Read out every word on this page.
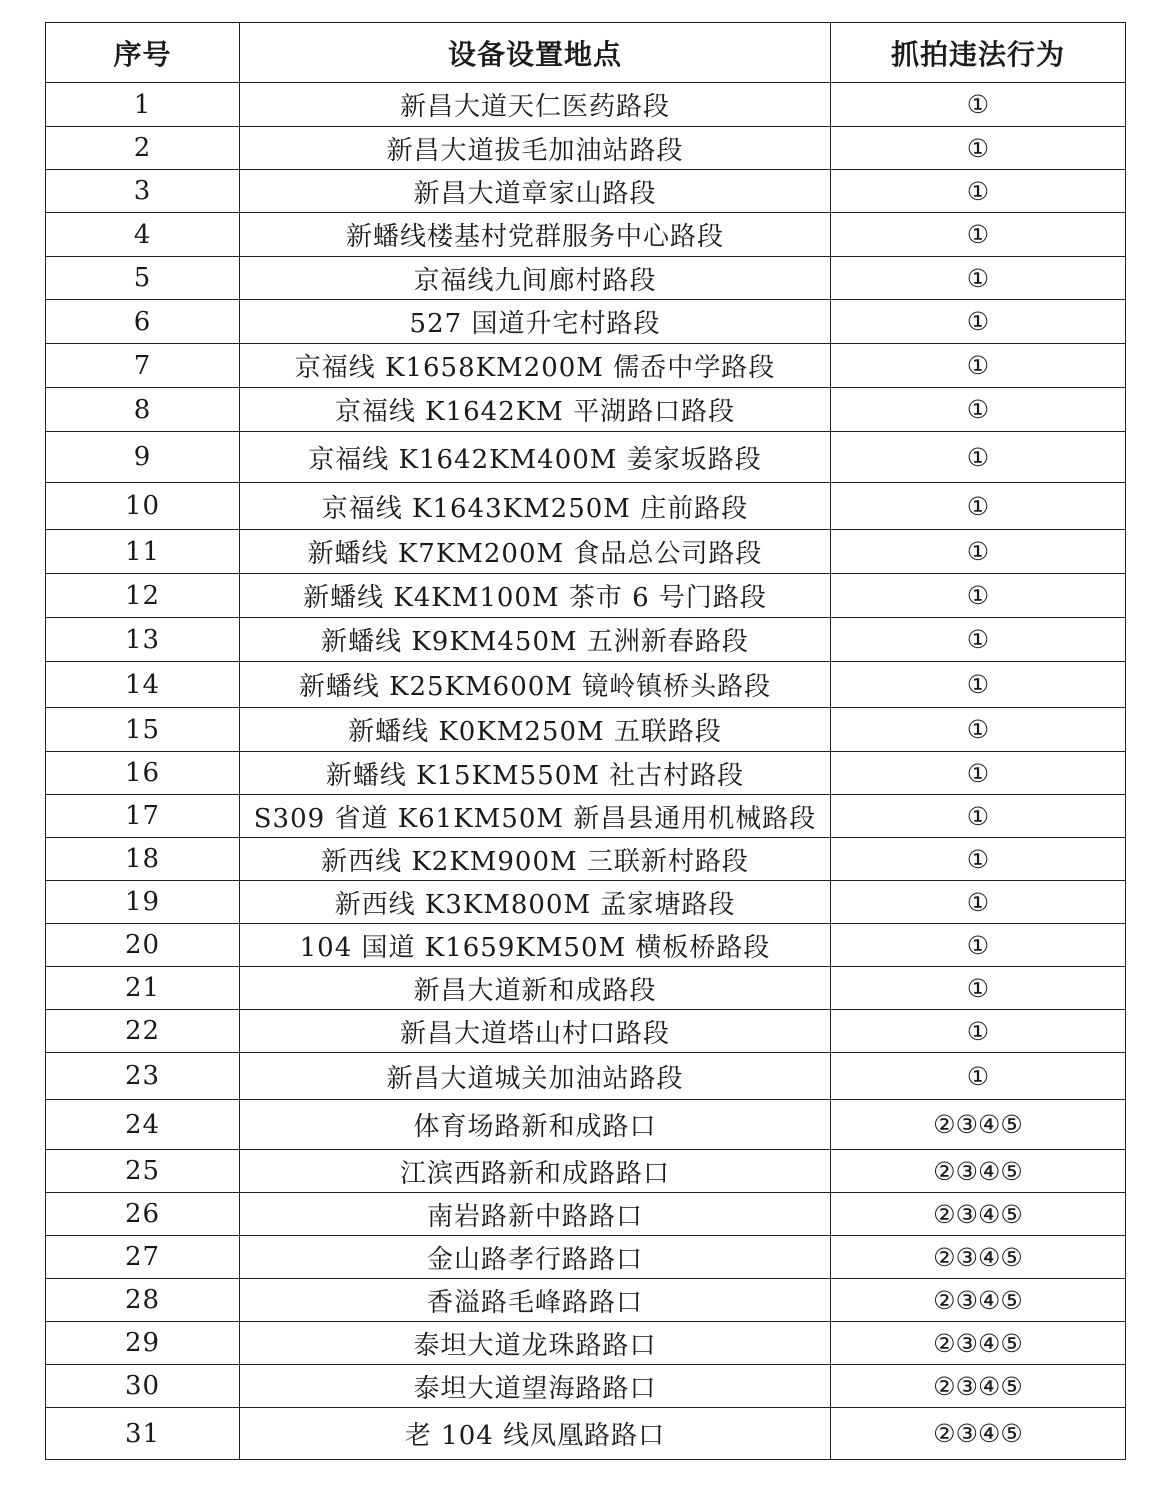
序号	设备设置地点	抓拍违法行为
1	新昌大道天仁医药路段	①
2	新昌大道拔毛加油站路段	①
3	新昌大道章家山路段	①
4	新蟠线楼基村党群服务中心路段	①
5	京福线九间廊村路段	①
6	527 国道升宅村路段	①
7	京福线 K1658KM200M 儒岙中学路段	①
8	京福线 K1642KM 平湖路口路段	①
9	京福线 K1642KM400M 姜家坂路段	①
10	京福线 K1643KM250M 庄前路段	①
11	新蟠线 K7KM200M 食品总公司路段	①
12	新蟠线 K4KM100M 茶市 6 号门路段	①
13	新蟠线 K9KM450M 五洲新春路段	①
14	新蟠线 K25KM600M 镜岭镇桥头路段	①
15	新蟠线 K0KM250M 五联路段	①
16	新蟠线 K15KM550M 社古村路段	①
17	S309 省道 K61KM50M 新昌县通用机械路段	①
18	新西线 K2KM900M 三联新村路段	①
19	新西线 K3KM800M 孟家塘路段	①
20	104 国道 K1659KM50M 横板桥路段	①
21	新昌大道新和成路段	①
22	新昌大道塔山村口路段	①
23	新昌大道城关加油站路段	①
24	体育场路新和成路口	②③④⑤
25	江滨西路新和成路路口	②③④⑤
26	南岩路新中路路口	②③④⑤
27	金山路孝行路路口	②③④⑤
28	香溢路毛峰路路口	②③④⑤
29	泰坦大道龙珠路路口	②③④⑤
30	泰坦大道望海路路口	②③④⑤
31	老 104 线凤凰路路口	②③④⑤
